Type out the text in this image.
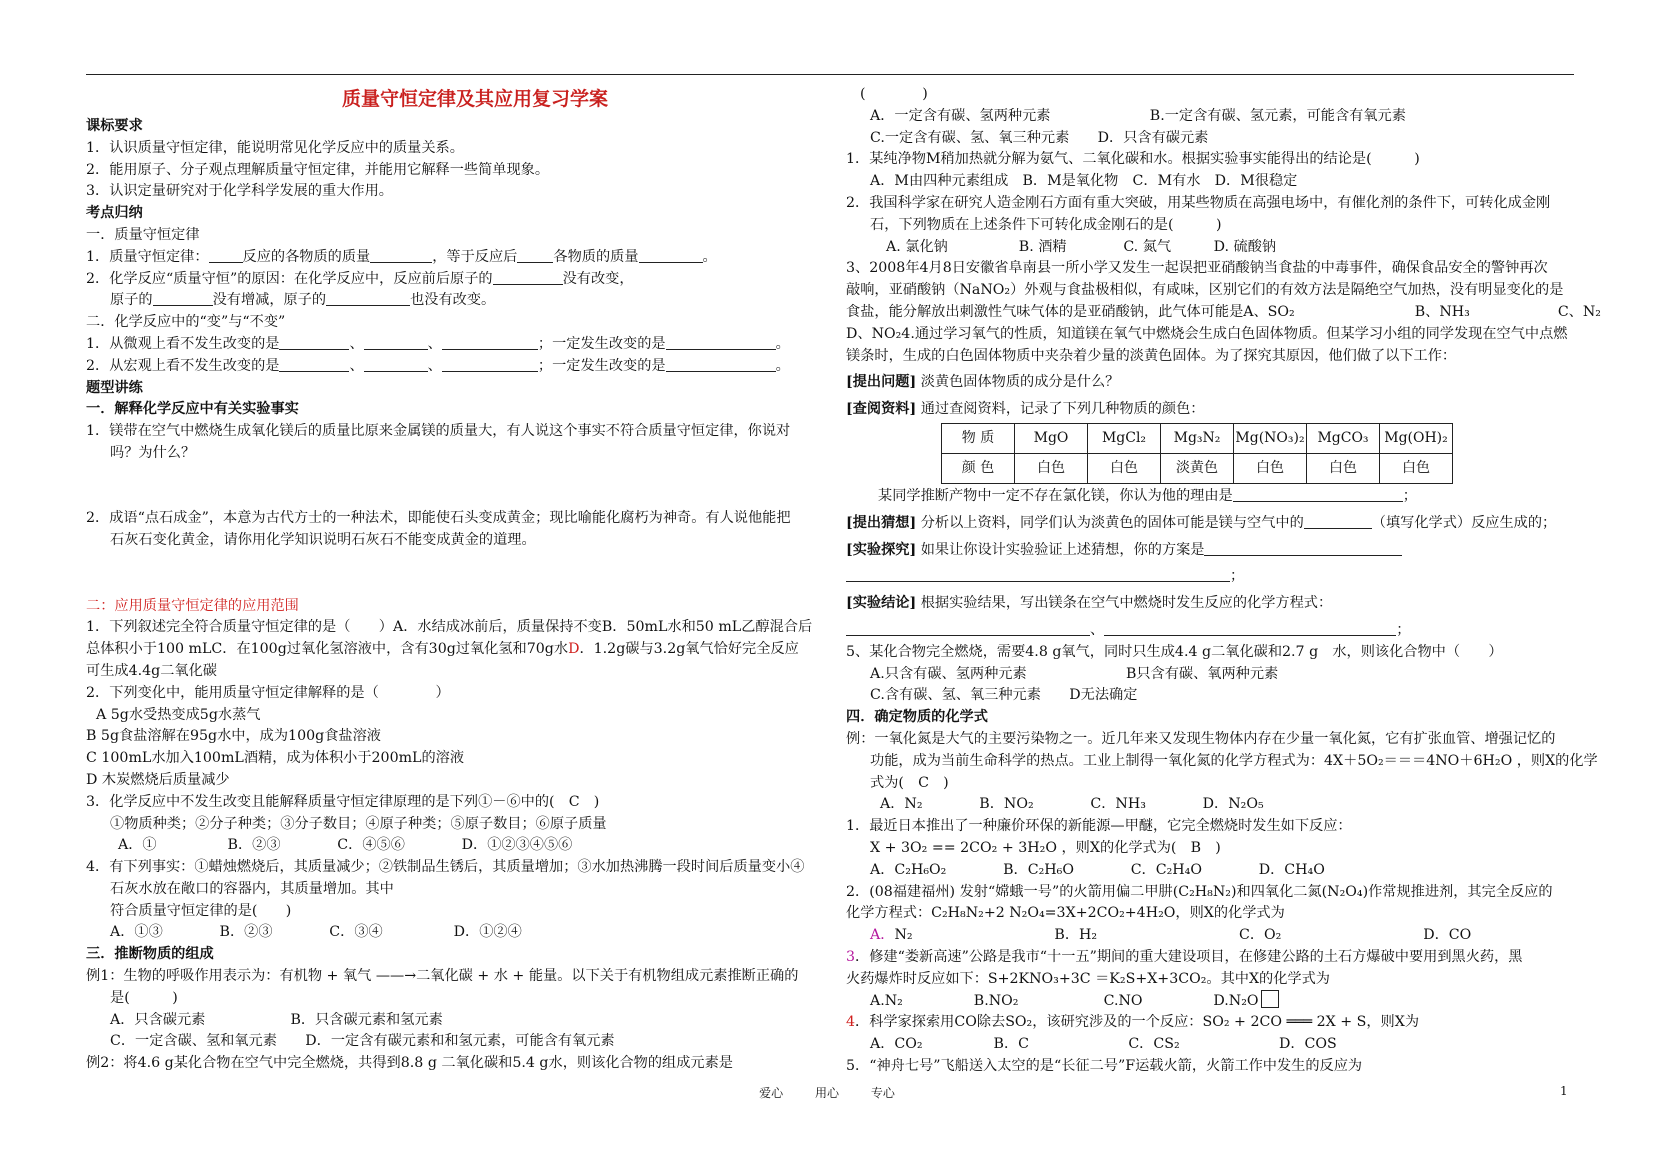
质量守恒定律及其应用复习学案
课标要求
1．认识质量守恒定律，能说明常见化学反应中的质量关系。
2．能用原子、分子观点理解质量守恒定律，并能用它解释一些简单现象。
3．认识定量研究对于化学科学发展的重大作用。
考点归纳
一．质量守恒定律
1．质量守恒定律： 反应的各物质的质量	，等于反应后	各物质的质量	。
2．化学反应“质量守恒”的原因：在化学反应中，反应前后原子的	没有改变，
原子的	没有增减，原子的	也没有改变。
二．化学反应中的“变”与“不变”
1．从微观上看不发生改变的是	、	、	；一定发生改变的是	。
2．从宏观上看不发生改变的是	、	、	；一定发生改变的是	。
题型讲练
一．解释化学反应中有关实验事实
1．镁带在空气中燃烧生成氧化镁后的质量比原来金属镁的质量大，有人说这个事实不符合质量守恒定律，你说对
吗？为什么？
2．成语“点石成金”，本意为古代方士的一种法术，即能使石头变成黄金；现比喻能化腐朽为神奇。有人说他能把
石灰石变化黄金，请你用化学知识说明石灰石不能变成黄金的道理。
二：应用质量守恒定律的应用范围
1．下列叙述完全符合质量守恒定律的是（　　）A．水结成冰前后，质量保持不变B．50mL水和50 mL乙醇混合后
总体积小于100 mLC．在100g过氧化氢溶液中，含有30g过氧化氢和70g水D．1.2g碳与3.2g氧气恰好完全反应
可生成4.4g二氧化碳
2．下列变化中，能用质量守恒定律解释的是（　　　　）
A 5g水受热变成5g水蒸气
B 5g食盐溶解在95g水中，成为100g食盐溶液
C 100mL水加入100mL酒精，成为体积小于200mL的溶液
D 木炭燃烧后质量减少
3．化学反应中不发生改变且能解释质量守恒定律原理的是下列①－⑥中的(　C　)
①物质种类；②分子种类；③分子数目；④原子种类；⑤原子数目；⑥原子质量
A．①　　　　　B．②③　　　　C．④⑤⑥　　　　D．①②③④⑤⑥
4．有下列事实：①蜡烛燃烧后，其质量减少；②铁制品生锈后，其质量增加；③水加热沸腾一段时间后质量变小④
石灰水放在敞口的容器内，其质量增加。其中
符合质量守恒定律的是(　　)
A．①③　　　　B．②③　　　　C．③④　　　　　D．①②④
三．推断物质的组成
例1：生物的呼吸作用表示为：有机物 + 氧气 ——→二氧化碳 + 水 + 能量。以下关于有机物组成元素推断正确的
是(　　　)
A．只含碳元素　　　　　　B．只含碳元素和氢元素
C．一定含碳、氢和氧元素　　D．一定含有碳元素和和氢元素，可能含有氧元素
例2：将4.6 g某化合物在空气中完全燃烧，共得到8.8 g 二氧化碳和5.4 g水，则该化合物的组成元素是
(　　　　)
A．一定含有碳、氢两种元素　　　　　　　B.一定含有碳、氢元素，可能含有氧元素
C.一定含有碳、氢、氧三种元素　　D．只含有碳元素
1．某纯净物M稍加热就分解为氨气、二氧化碳和水。根据实验事实能得出的结论是(　　　)
A．M由四种元素组成　B．M是氧化物　C．M有水　D．M很稳定
2．我国科学家在研究人造金刚石方面有重大突破，用某些物质在高强电场中，有催化剂的条件下，可转化成金刚
石，下列物质在上述条件下可转化成金刚石的是(　　　)
A. 氯化钠　　　　　B. 酒精　　　　C. 氮气　　　D. 硫酸钠
3、2008年4月8日安徽省阜南县一所小学又发生一起误把亚硝酸钠当食盐的中毒事件，确保食品安全的警钟再次
敲响，亚硝酸钠（NaNO₂）外观与食盐极相似，有咸味，区别它们的有效方法是隔绝空气加热，没有明显变化的是
食盐，能分解放出刺激性气味气体的是亚硝酸钠，此气体可能是A、SO₂	B、NH₃	C、N₂
D、NO₂4.通过学习氧气的性质，知道镁在氧气中燃烧会生成白色固体物质。但某学习小组的同学发现在空气中点燃
镁条时，生成的白色固体物质中夹杂着少量的淡黄色固体。为了探究其原因，他们做了以下工作：
[提出问题] 淡黄色固体物质的成分是什么？
[查阅资料] 通过查阅资料，记录了下列几种物质的颜色：
物 质	MgO	MgCl₂	Mg₃N₂	Mg(NO₃)₂	MgCO₃	Mg(OH)₂
颜 色	白色	白色	淡黄色	白色	白色	白色
某同学推断产物中一定不存在氯化镁，你认为他的理由是	；
[提出猜想] 分析以上资料，同学们认为淡黄色的固体可能是镁与空气中的	（填写化学式）反应生成的；
[实验探究] 如果让你设计实验验证上述猜想，你的方案是
；
[实验结论] 根据实验结果，写出镁条在空气中燃烧时发生反应的化学方程式：
、	；
5、某化合物完全燃烧，需要4.8 g氧气，同时只生成4.4 g二氧化碳和2.7 g　水，则该化合物中（　　）
A.只含有碳、氢两种元素　　　　　　　B只含有碳、氧两种元素
C.含有碳、氢、氧三种元素　　D无法确定
四．确定物质的化学式
例：一氧化氮是大气的主要污染物之一。近几年来又发现生物体内存在少量一氧化氮，它有扩张血管、增强记忆的
功能，成为当前生命科学的热点。工业上制得一氧化氮的化学方程式为：4X＋5O₂＝＝＝4NO＋6H₂O ，则X的化学
式为(　C　)
A．N₂　　　　B．NO₂　　　　C．NH₃　　　　D．N₂O₅
1．最近日本推出了一种廉价环保的新能源—甲醚，它完全燃烧时发生如下反应：
X + 3O₂ == 2CO₂ + 3H₂O ，则X的化学式为(　B　)
A．C₂H₆O₂　　　　B．C₂H₆O　　　　C．C₂H₄O　　　　D．CH₄O
2．(08福建福州) 发射“嫦蛾一号”的火箭用偏二甲肼(C₂H₈N₂)和四氧化二氮(N₂O₄)作常规推进剂，其完全反应的
化学方程式：C₂H₈N₂+2 N₂O₄=3X+2CO₂+4H₂O，则X的化学式为
A．N₂　　　　　　　　　　B．H₂　　　　　　　　　　C．O₂　　　　　　　　　　D．CO
3．修建“娄新高速”公路是我市“十一五”期间的重大建设项目，在修建公路的土石方爆破中要用到黑火药，黑
火药爆炸时反应如下：S+2KNO₃+3C ＝K₂S+X+3CO₂。其中X的化学式为
A.N₂　　　　　B.NO₂　　　　　　C.NO　　　　　D.N₂O
4．科学家探索用CO除去SO₂，该研究涉及的一个反应：SO₂ + 2CO ═══ 2X + S，则X为
A．CO₂　　　　　B．C　　　　　　　C．CS₂　　　　　　　D．COS
5．“神舟七号”飞船送入太空的是“长征二号”F运载火箭，火箭工作中发生的反应为
爱心	用心	专心	1
